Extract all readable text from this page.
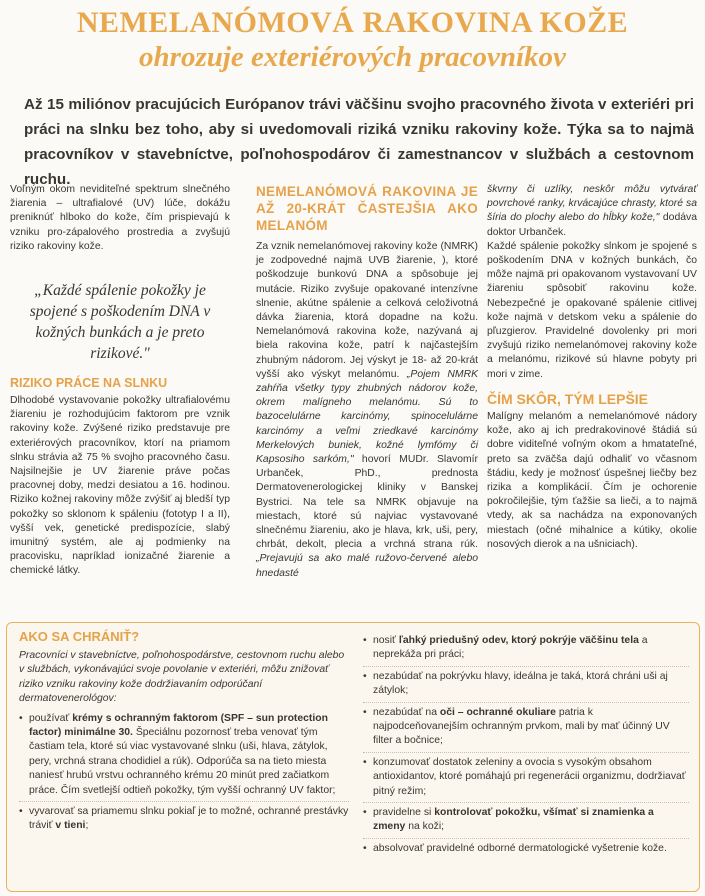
NEMELANÓMOVÁ RAKOVINA KOŽE
ohrozuje exteriérových pracovníkov
Až 15 miliónov pracujúcich Európanov trávi väčšinu svojho pracovného života v exteriéri pri práci na slnku bez toho, aby si uvedomovali riziká vzniku rakoviny kože. Týka sa to najmä pracovníkov v stavebníctve, poľnohospodárov či zamestnancov v službách a cestovnom ruchu.

Voľným okom neviditeľné spektrum slnečného žiarenia – ultrafialové (UV) lúče, dokážu preniknúť hlboko do kože, čím prispievajú k vzniku pro-zápalového prostredia a zvyšujú riziko rakoviny kože.

„Každé spálenie pokožky je spojené s poškodením DNA v kožných bunkách a je preto rizikové."
RIZIKO PRÁCE NA SLNKU

Dlhodobé vystavovanie pokožky ultrafialovému žiareniu je rozhodujúcim faktorom pre vznik rakoviny kože. Zvýšené riziko predstavuje pre exteriérových pracovníkov, ktorí na priamom slnku strávia až 75 % svojho pracovného času. Najsilnejšie je UV žiarenie práve počas pracovnej doby, medzi desiatou a 16. hodinou. Riziko kožnej rakoviny môže zvýšiť aj bledší typ pokožky so sklonom k spáleniu (fototyp I a II), vyšší vek, genetické predispozície, slabý imunitný systém, ale aj podmienky na pracovisku, napríklad ionizačné žiarenie a chemické látky.

NEMELANÓMOVÁ RAKOVINA JE AŽ 20-KRÁT ČASTEJŠIA AKO MELANÓM

Za vznik nemelanómovej rakoviny kože (NMRK) je zodpovedné najmä UVB žiarenie, ), ktoré poškodzuje bunkovú DNA a spôsobuje jej mutácie. Riziko zvyšuje opakované intenzívne slnenie, akútne spálenie a celková celoživotná dávka žiarenia, ktorá dopadne na kožu. Nemelanómová rakovina kože, nazývaná aj biela rakovina kože, patrí k najčastejším zhubným nádorom. Jej výskyt je 18- až 20-krát vyšší ako výskyt melanómu. „Pojem NMRK zahŕňa všetky typy zhubných nádorov kože, okrem malígneho melanómu. Sú to bazocelulárne karcinómy, spinocelulárne karcinómy a veľmi zriedkavé karcinómy Merkelových buniek, kožné lymfómy či Kapsosiho sarkóm," hovorí MUDr. Slavomír Urbanček, PhD., prednosta Dermatovenerologickej kliniky v Banskej Bystrici. Na tele sa NMRK objavuje na miestach, ktoré sú najviac vystavované slnečnému žiareniu, ako je hlava, krk, uši, pery, chrbát, dekolt, plecia a vrchná strana rúk. „Prejavujú sa ako malé ružovo-červené alebo hnedasté

škvrny či uzlíky, neskôr môžu vytvárať povrchové ranky, krvácajúce chrasty, ktoré sa šíria do plochy alebo do hĺbky kože," dodáva doktor Urbanček.

Každé spálenie pokožky slnkom je spojené s poškodením DNA v kožných bunkách, čo môže najmä pri opakovanom vystavovaní UV žiareniu spôsobiť rakovinu kože. Nebezpečné je opakované spálenie citlivej kože najmä v detskom veku a spálenie do pľuzgierov. Pravidelné dovolenky pri mori zvyšujú riziko nemelanómovej rakoviny kože a melanómu, rizikové sú hlavne pobyty pri mori v zime.

ČÍM SKÔR, TÝM LEPŠIE

Malígny melanóm a nemelanómové nádory kože, ako aj ich predrakovinové štádiá sú dobre viditeľné voľným okom a hmatateľné, preto sa zväčša dajú odhaliť vo včasnom štádiu, kedy je možnosť úspešnej liečby bez rizika a komplikácií. Čím je ochorenie pokročilejšie, tým ťažšie sa lieči, a to najmä vtedy, ak sa nachádza na exponovaných miestach (očné mihalnice a kútiky, okolie nosových dierok a na ušniciach).

AKO SA CHRÁNIŤ?
Pracovníci v stavebníctve, poľnohospodárstve, cestovnom ruchu alebo v službách, vykonávajúci svoje povolanie v exteriéri, môžu znižovať riziko vzniku rakoviny kože dodržiavaním odporúčaní dermatovenerológov:
• používať krémy s ochranným faktorom (SPF – sun protection factor) minimálne 30. Špeciálnu pozornosť treba venovať tým častiam tela, ktoré sú viac vystavované slnku (uši, hlava, zátylok, pery, vrchná strana chodidiel a rúk). Odporúča sa na tieto miesta naniesť hrubú vrstvu ochranného krému 20 minút pred začiatkom práce. Čím svetlejší odtieň pokožky, tým vyšší ochranný UV faktor;
• vyvarovať sa priamemu slnku pokiaľ je to možné, ochranné prestávky tráviť v tieni;
• nosiť ľahký priedušný odev, ktorý pokrýje väčšinu tela a neprekáža pri práci;
• nezabúdať na pokrývku hlavy, ideálna je taká, ktorá chráni uši aj zátylok;
• nezabúdať na oči – ochranné okuliare patria k najpodceňovanejším ochranným prvkom, mali by mať účinný UV filter a bočnice;
• konzumovať dostatok zeleniny a ovocia s vysokým obsahom antioxidantov, ktoré pomáhajú pri regenerácii organizmu, dodržiavať pitný režim;
• pravidelne si kontrolovať pokožku, všímať si znamienka a zmeny na koži;
• absolvovať pravidelné odborné dermatologické vyšetrenie kože.
